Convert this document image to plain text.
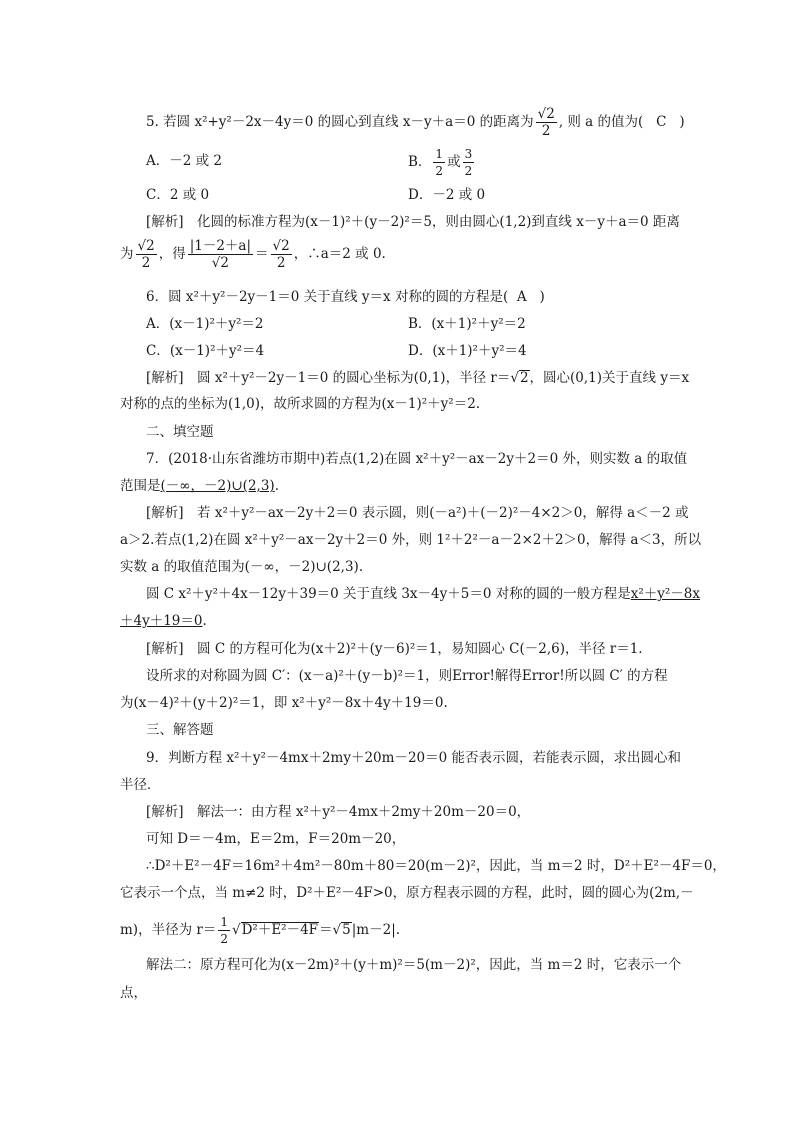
5. 若圆 x²+y²－2x－4y＝0 的圆心到直线 x－y＋a＝0 的距离为 $\frac{√2}{2}$ , 则 a 的值为( C )
A．－2 或 2	B． $\frac{1}{2}$ 或 $\frac{3}{2}$
C．2 或 0	D．－2 或 0
[解析]　化圆的标准方程为(x－1)²＋(y－2)²＝5，则由圆心(1,2)到直线 x－y＋a＝0 距离
为 $\frac{√2}{2}$ ，得 $\frac{|1-2+a|}{√2} = \frac{√2}{2}$ ，∴a＝2 或 0.
6．圆 x²＋y²－2y－1＝0 关于直线 y＝x 对称的圆的方程是( A )
A．(x－1)²＋y²＝2	B．(x＋1)²＋y²＝2
C．(x－1)²＋y²＝4	D．(x＋1)²＋y²＝4
[解析]　圆 x²＋y²－2y－1＝0 的圆心坐标为(0,1)，半径 r＝√2，圆心(0,1)关于直线 y＝x
对称的点的坐标为(1,0)，故所求圆的方程为(x－1)²＋y²＝2.
二、填空题
7．(2018·山东省潍坊市期中)若点(1,2)在圆 x²＋y²－ax－2y＋2＝0 外，则实数 a 的取值
范围是(－∞，－2)∪(2,3).
[解析]　若 x²＋y²－ax－2y＋2＝0 表示圆，则(－a²)＋(－2)²－4×2＞0，解得 a＜－2 或
a＞2.若点(1,2)在圆 x²＋y²－ax－2y＋2＝0 外，则 1²＋2²－a－2×2＋2＞0，解得 a＜3，所以
实数 a 的取值范围为(－∞，－2)∪(2,3).
圆 C x²＋y²＋4x－12y＋39＝0 关于直线 3x－4y＋5＝0 对称的圆的一般方程是x²＋y²－8x
＋4y＋19＝0.
[解析]　圆 C 的方程可化为(x＋2)²＋(y－6)²＝1，易知圆心 C(－2,6)，半径 r＝1.
设所求的对称圆为圆 C′：(x－a)²＋(y－b)²＝1，则Error!解得Error!所以圆 C′ 的方程
为(x－4)²＋(y＋2)²＝1，即 x²＋y²－8x＋4y＋19＝0.
三、解答题
9．判断方程 x²＋y²－4mx＋2my＋20m－20＝0 能否表示圆，若能表示圆，求出圆心和
半径．
[解析]　解法一：由方程 x²＋y²－4mx＋2my＋20m－20＝0，
可知 D＝－4m，E＝2m，F＝20m－20，
∴D²＋E²－4F＝16m²＋4m²－80m＋80＝20(m－2)²，因此，当 m＝2 时，D²＋E²－4F＝0，
它表示一个点，当 m≠2 时，D²＋E²－4F>0，原方程表示圆的方程，此时，圆的圆心为(2m,－
m)，半径为 $r= \frac{1}{2} √D^2+E^2-4F=√5|m-2|$.
解法二：原方程可化为(x－2m)²＋(y＋m)²＝5(m－2)²，因此，当 m＝2 时，它表示一个
点，
